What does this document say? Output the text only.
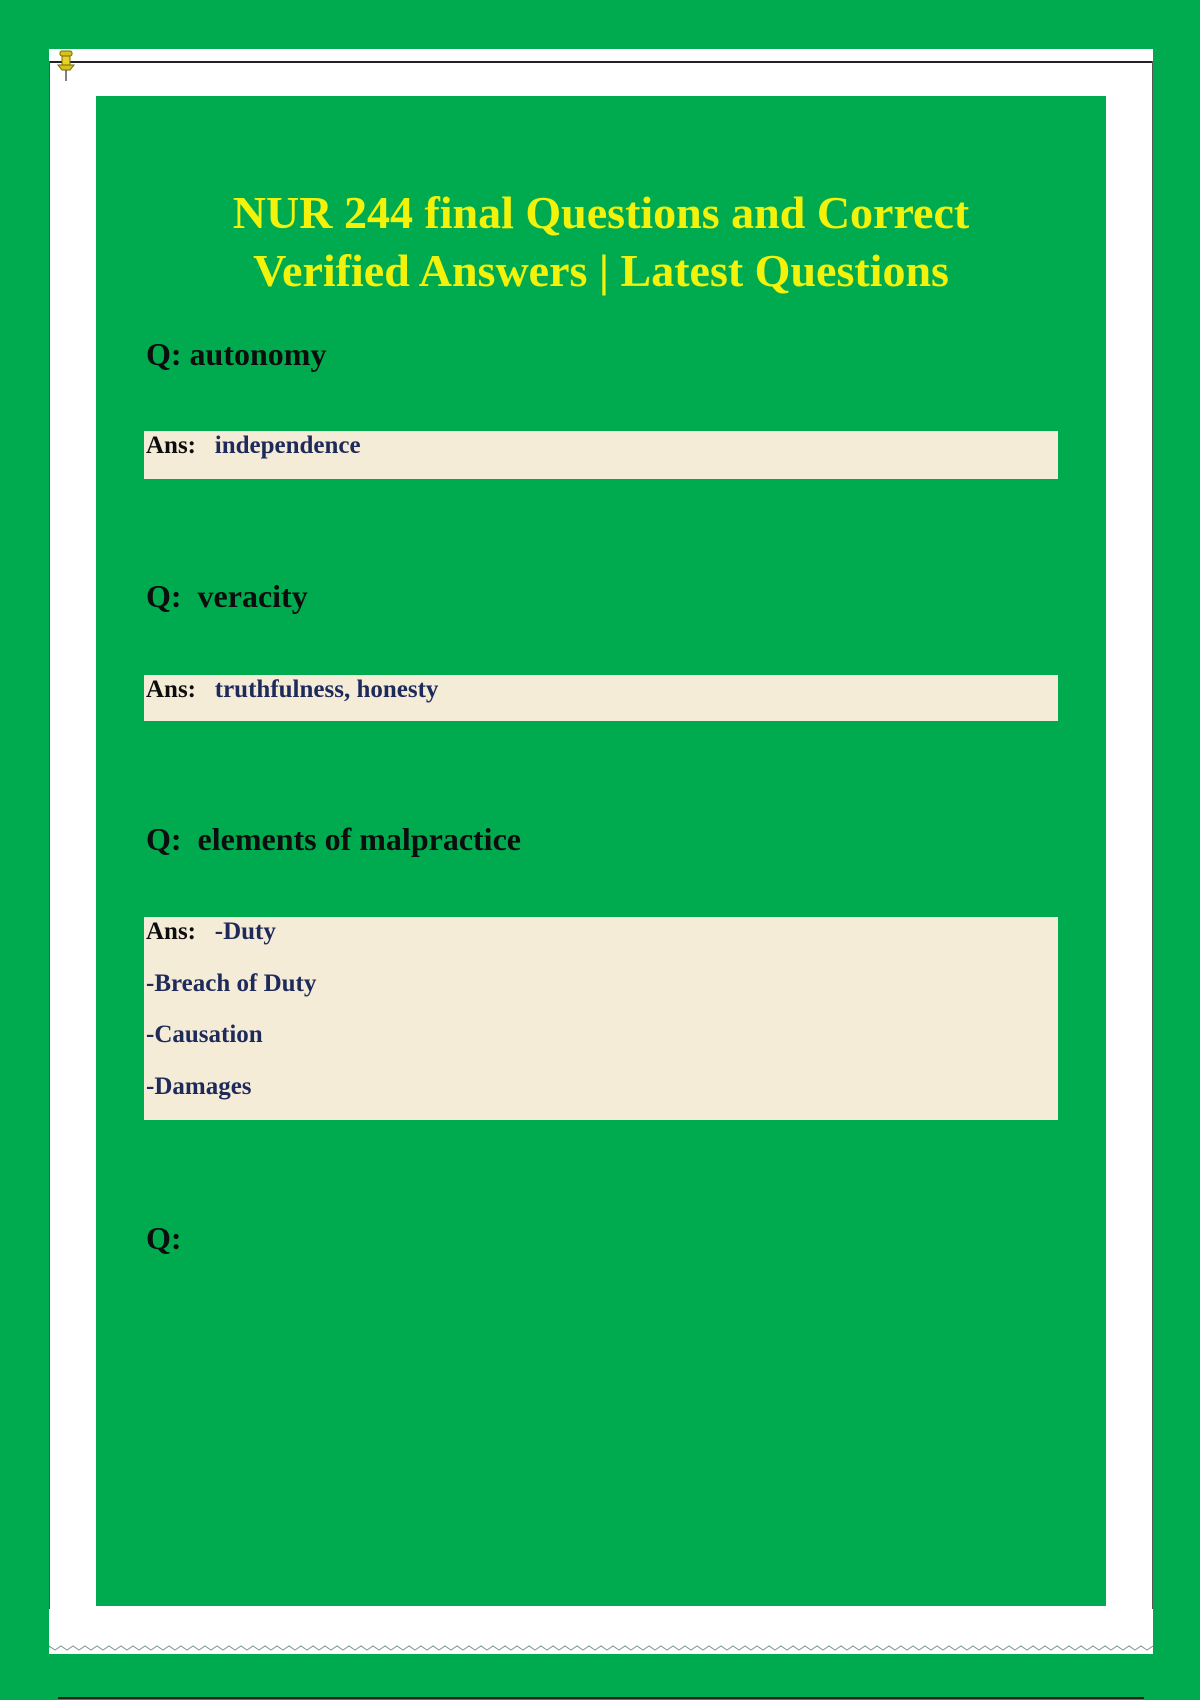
NUR 244 final Questions and Correct
Verified Answers | Latest Questions
Q: autonomy
Ans: independence
Q:  veracity
Ans: truthfulness, honesty
Q:  elements of malpractice
Ans: -Duty
-Breach of Duty
-Causation
-Damages
Q:
